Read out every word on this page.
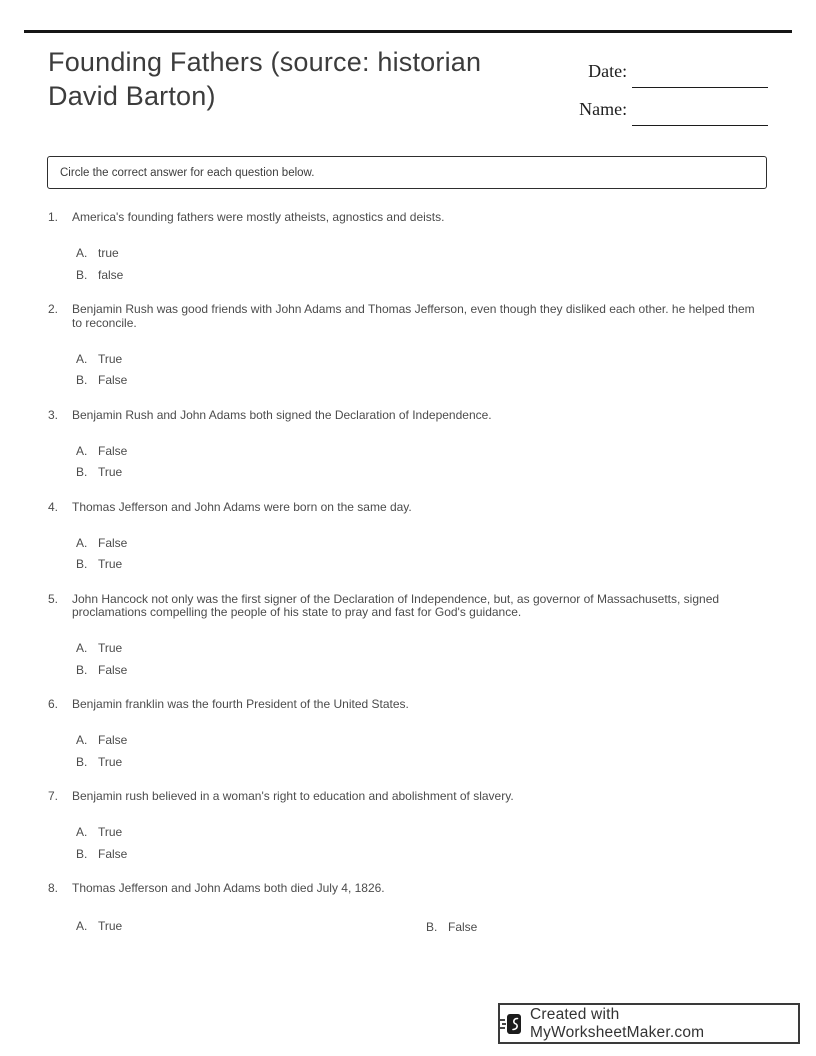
Founding Fathers (source: historian David Barton)
Date:
Name:
Circle the correct answer for each question below.
1. America's founding fathers were mostly atheists, agnostics and deists.
A. true
B. false
2. Benjamin Rush was good friends with John Adams and Thomas Jefferson, even though they disliked each other. he helped them to reconcile.
A. True
B. False
3. Benjamin Rush and John Adams both signed the Declaration of Independence.
A. False
B. True
4. Thomas Jefferson and John Adams were born on the same day.
A. False
B. True
5. John Hancock not only was the first signer of the Declaration of Independence, but, as governor of Massachusetts, signed proclamations compelling the people of his state to pray and fast for God's guidance.
A. True
B. False
6. Benjamin franklin was the fourth President of the United States.
A. False
B. True
7. Benjamin rush believed in a woman's right to education and abolishment of slavery.
A. True
B. False
8. Thomas Jefferson and John Adams both died July 4, 1826.
A. True	B. False
Created with MyWorksheetMaker.com
